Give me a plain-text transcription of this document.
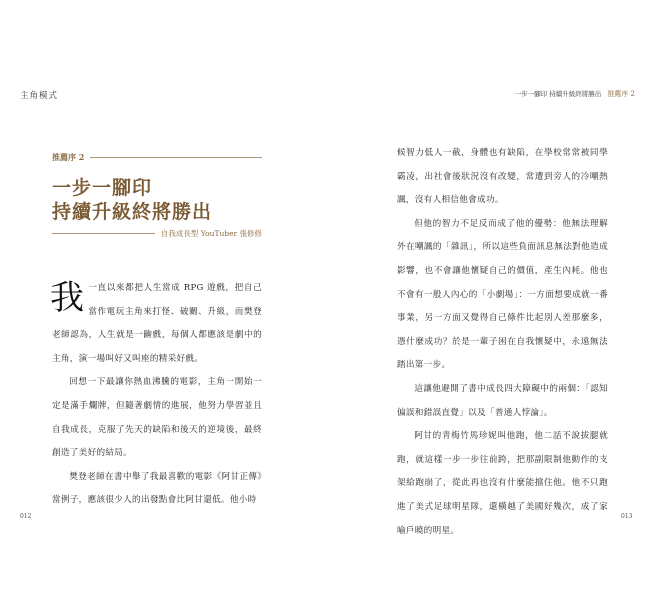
主角模式
推薦序 2
一步一腳印
持續升級終將勝出
自我成長型 YouTuber 張修修

我一直以來都把人生當成 RPG 遊戲，把自己當作電玩主角來打怪、破關、升級，而樊登老師認為，人生就是一齣戲，每個人都應該是劇中的主角，演一場叫好又叫座的精采好戲。

回想一下最讓你熱血沸騰的電影，主角一開始一定是滿手爛牌，但隨著劇情的進展，他努力學習並且自我成長，克服了先天的缺陷和後天的逆境後，最終創造了美好的結局。

樊登老師在書中舉了我最喜歡的電影《阿甘正傳》當例子，應該很少人的出發點會比阿甘還低。他小時

012
一步一腳印 持續升級終將勝出 推薦序 2

候智力低人一截，身體也有缺陷，在學校常常被同學霸凌，出社會後狀況沒有改變，常遭到旁人的冷嘲熱諷，沒有人相信他會成功。

但他的智力不足反而成了他的優勢：他無法理解外在嘲諷的「雜訊」，所以這些負面訊息無法對他造成影響，也不會讓他懷疑自己的價值，產生內耗。他也不會有一般人內心的「小劇場」：一方面想要成就一番事業，另一方面又覺得自己條件比起別人差那麼多，憑什麼成功？於是一輩子困在自我懷疑中，永遠無法踏出第一步。

這讓他避開了書中成長四大障礙中的兩個：「認知偏誤和錯誤直覺」以及「普通人悖論」。

阿甘的青梅竹馬珍妮叫他跑，他二話不說拔腿就跑，就這樣一步一步往前跨，把那副限制他動作的支架給跑崩了，從此再也沒有什麼能擋住他。他不只跑進了美式足球明星隊，還橫越了美國好幾次，成了家喻戶曉的明星。

013
